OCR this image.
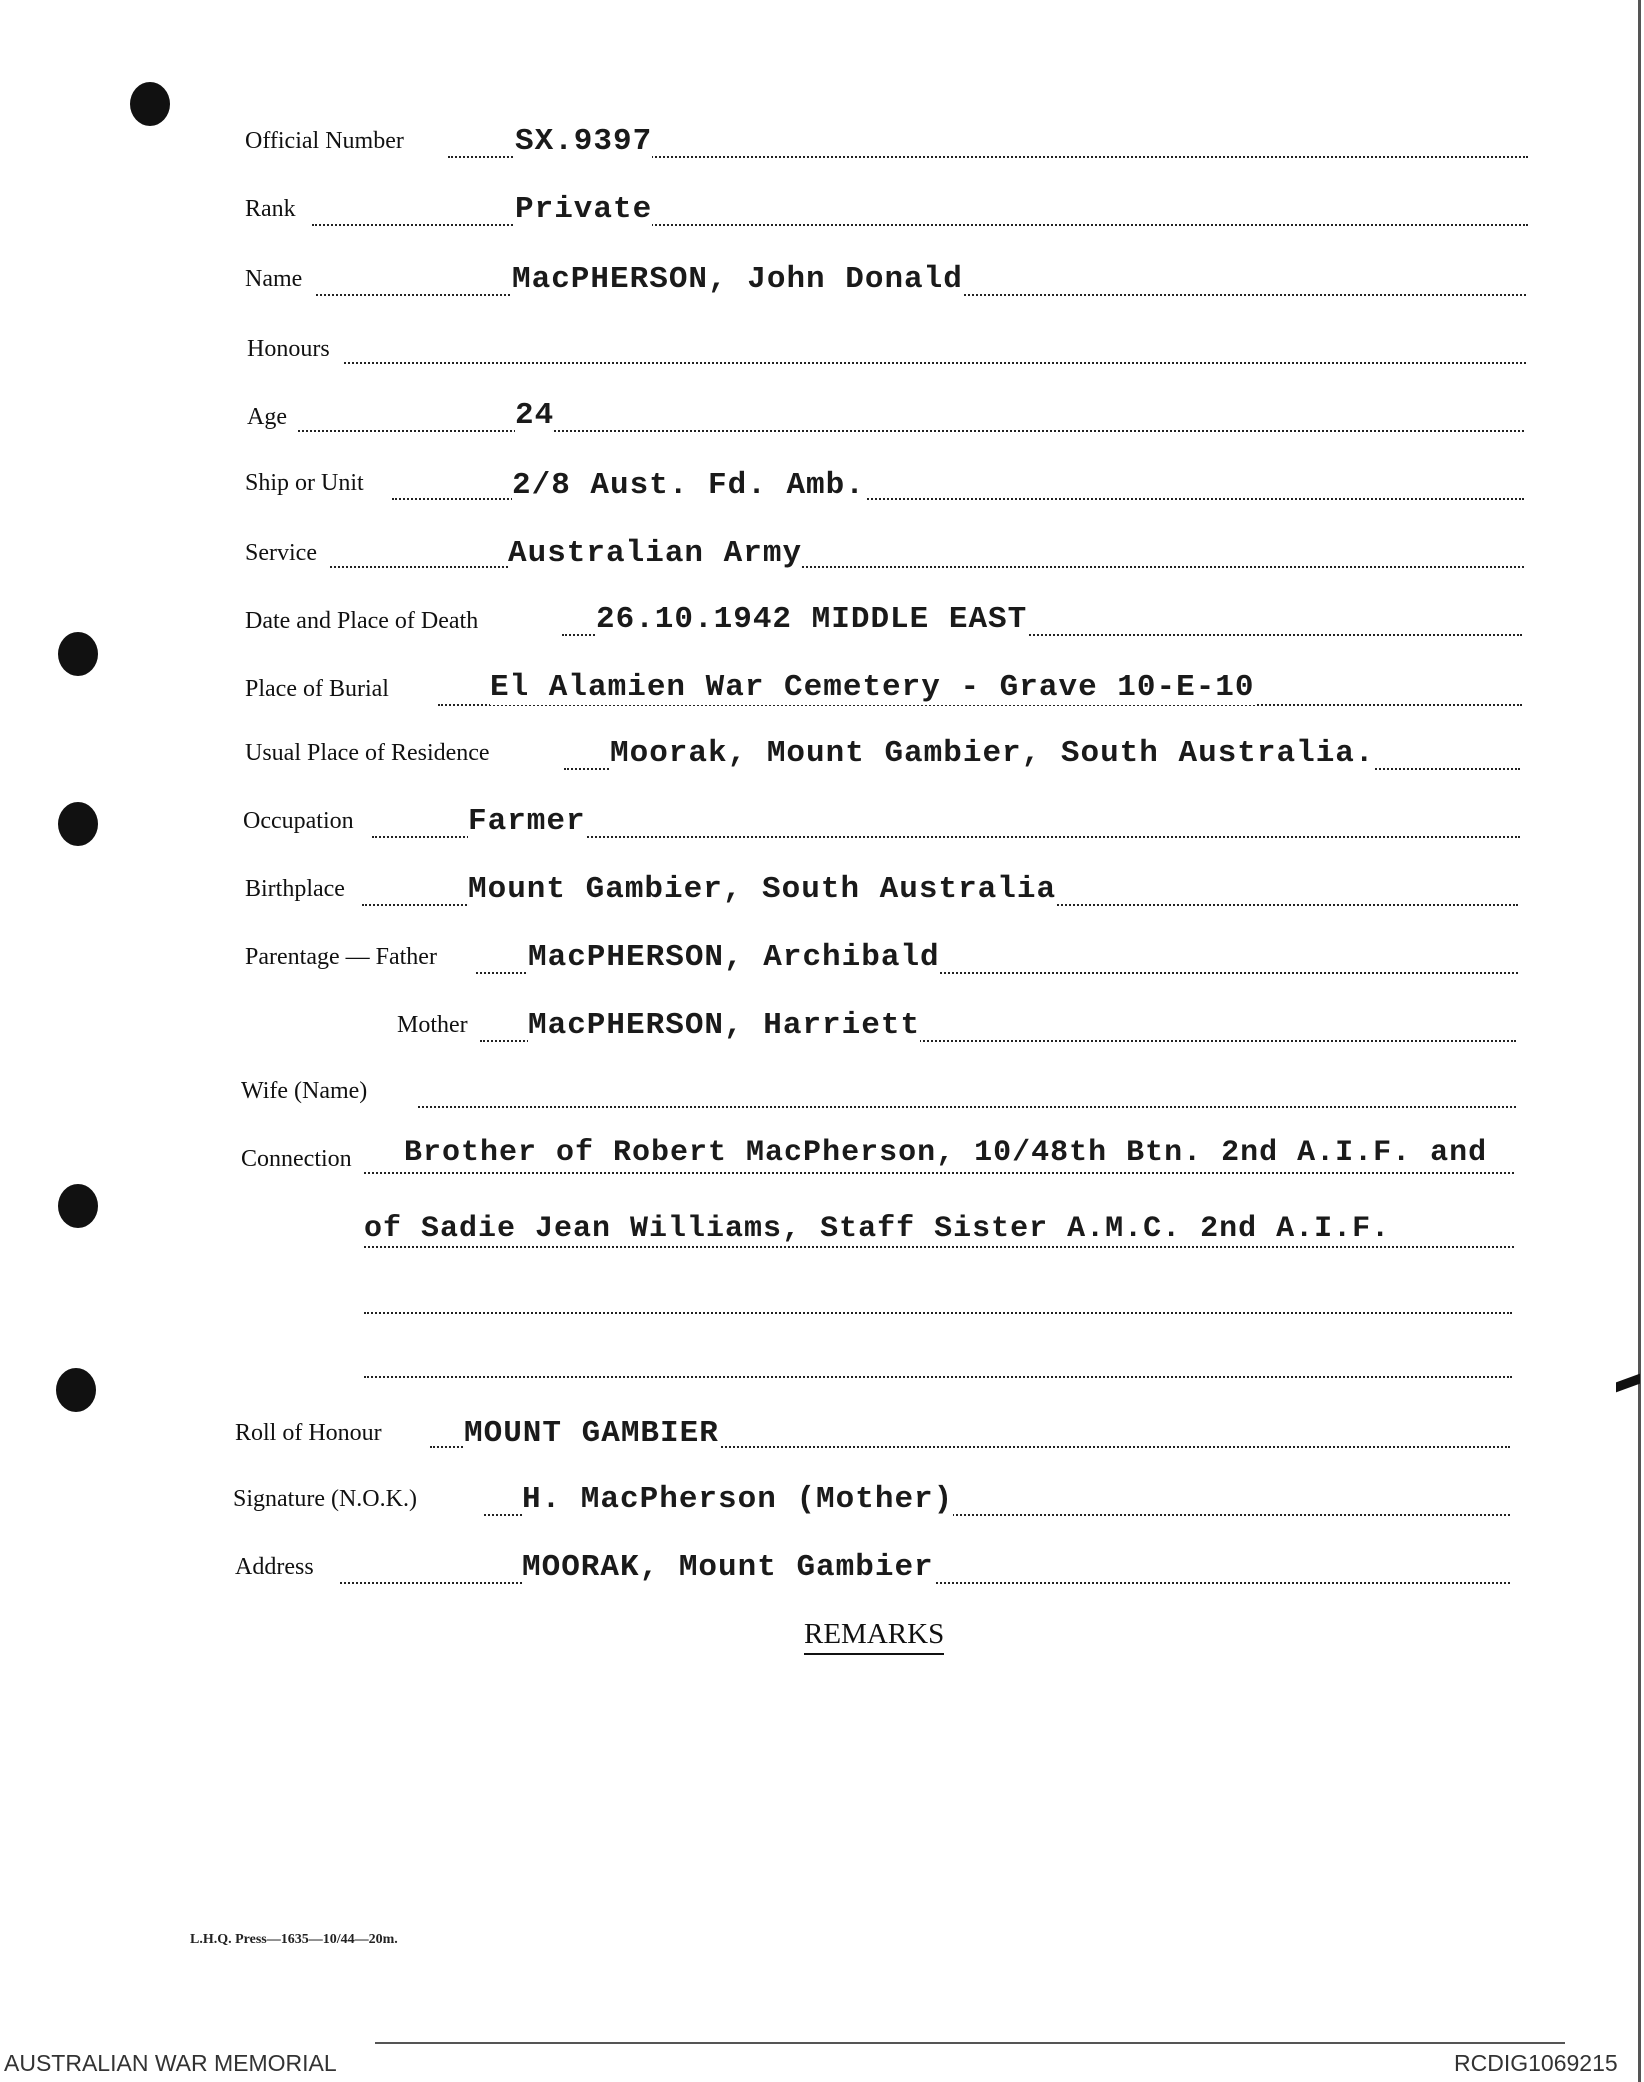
Official Number	SX.9397
Rank	Private
Name	MacPHERSON, John Donald
Honours
Age	24
Ship or Unit	2/8 Aust. Fd. Amb.
Service	Australian Army
Date and Place of Death	26.10.1942 MIDDLE EAST
Place of Burial	El Alamien War Cemetery - Grave 10-E-10
Usual Place of Residence	Moorak, Mount Gambier, South Australia.
Occupation	Farmer
Birthplace	Mount Gambier, South Australia
Parentage — Father	MacPHERSON, Archibald
Mother MacPHERSON, Harriett
Wife (Name)
Connection Brother of Robert MacPherson, 10/48th Btn. 2nd A.I.F. and
of Sadie Jean Williams, Staff Sister A.M.C. 2nd A.I.F.
Roll of Honour	MOUNT GAMBIER
Signature (N.O.K.)	H. MacPherson (Mother)
Address	MOORAK, Mount Gambier
REMARKS
L.H.Q. Press—1635—10/44—20m.
AUSTRALIAN WAR MEMORIAL	RCDIG1069215
